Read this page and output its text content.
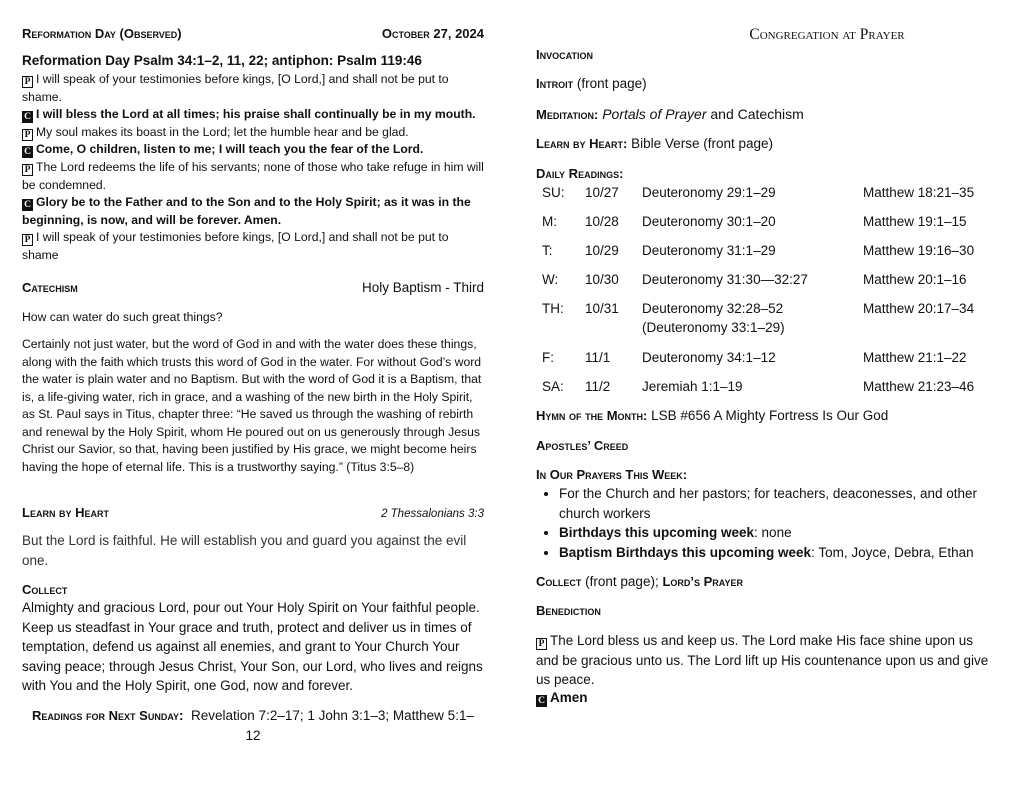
Reformation Day (Observed)	October 27, 2024
Reformation Day Psalm 34:1–2, 11, 22; antiphon: Psalm 119:46
P I will speak of your testimonies before kings, [O Lord,] and shall not be put to shame.
C I will bless the Lord at all times; his praise shall continually be in my mouth.
P My soul makes its boast in the Lord; let the humble hear and be glad.
C Come, O children, listen to me; I will teach you the fear of the Lord.
P The Lord redeems the life of his servants; none of those who take refuge in him will be condemned.
C Glory be to the Father and to the Son and to the Holy Spirit; as it was in the beginning, is now, and will be forever. Amen.
P I will speak of your testimonies before kings, [O Lord,] and shall not be put to shame
Catechism	Holy Baptism - Third
How can water do such great things?
Certainly not just water, but the word of God in and with the water does these things, along with the faith which trusts this word of God in the water. For without God’s word the water is plain water and no Baptism. But with the word of God it is a Baptism, that is, a life-giving water, rich in grace, and a washing of the new birth in the Holy Spirit, as St. Paul says in Titus, chapter three: “He saved us through the washing of rebirth and renewal by the Holy Spirit, whom He poured out on us generously through Jesus Christ our Savior, so that, having been justified by His grace, we might become heirs having the hope of eternal life. This is a trustworthy saying.” (Titus 3:5–8)
Learn by Heart	2 Thessalonians 3:3
But the Lord is faithful. He will establish you and guard you against the evil one.
Collect
Almighty and gracious Lord, pour out Your Holy Spirit on Your faithful people. Keep us steadfast in Your grace and truth, protect and deliver us in times of temptation, defend us against all enemies, and grant to Your Church Your saving peace; through Jesus Christ, Your Son, our Lord, who lives and reigns with You and the Holy Spirit, one God, now and forever.
Readings for Next Sunday: Revelation 7:2–17; 1 John 3:1–3; Matthew 5:1–12
Congregation at Prayer
Invocation
Introit (front page)
Meditation: Portals of Prayer and Catechism
Learn by Heart: Bible Verse (front page)
Daily Readings:
SU: 10/27 Deuteronomy 29:1–29	Matthew 18:21–35
M: 10/28 Deuteronomy 30:1–20	Matthew 19:1–15
T: 10/29 Deuteronomy 31:1–29	Matthew 19:16–30
W: 10/30 Deuteronomy 31:30—32:27	Matthew 20:1–16
TH: 10/31 Deuteronomy 32:28–52	Matthew 20:17–34
(Deuteronomy 33:1–29)
F: 11/1 Deuteronomy 34:1–12	Matthew 21:1–22
SA: 11/2 Jeremiah 1:1–19	Matthew 21:23–46
Hymn of the Month: LSB #656 A Mighty Fortress Is Our God
Apostles’ Creed
In Our Prayers This Week:
• For the Church and her pastors; for teachers, deaconesses, and other church workers
• Birthdays this upcoming week: none
• Baptism Birthdays this upcoming week: Tom, Joyce, Debra, Ethan
Collect (front page); Lord’s Prayer
Benediction
P The Lord bless us and keep us. The Lord make His face shine upon us and be gracious unto us. The Lord lift up His countenance upon us and give us peace.
C Amen
